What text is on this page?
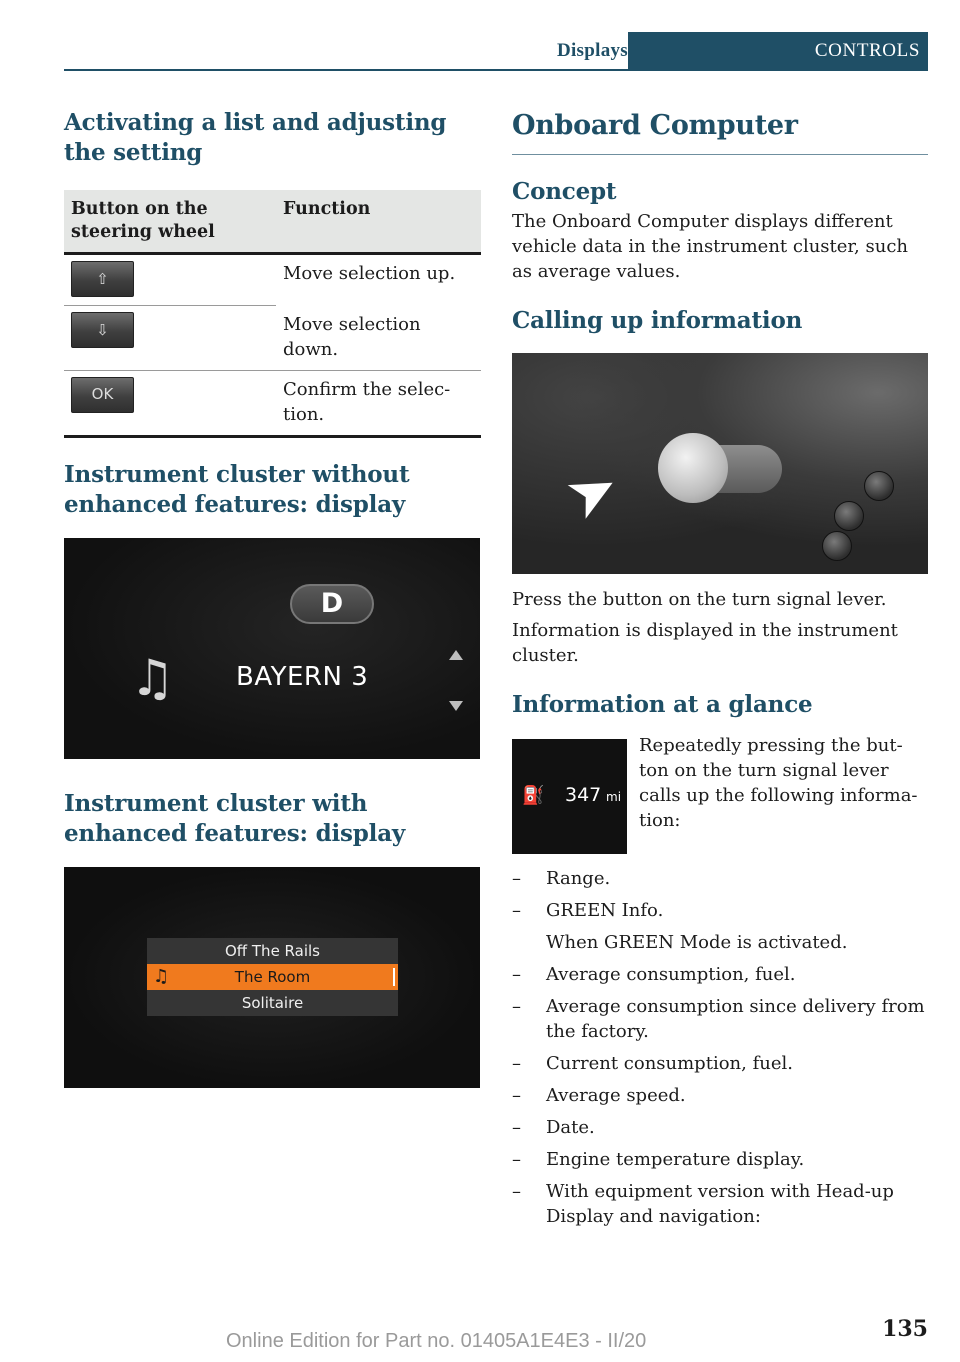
Displays	CONTROLS
Activating a list and adjusting the setting
Button on the steering wheel	Function

⇧	Move selection up.

⇩	Move selection down.

OK	Confirm the selec-tion.
Instrument cluster without enhanced features: display
D
♫ BAYERN 3
Instrument cluster with enhanced features: display
Off The Rails
♫	The Room
Solitaire
Onboard Computer
Concept

The Onboard Computer displays different vehicle data in the instrument cluster, such as average values.

Calling up information
➤

Press the button on the turn signal lever.

Information is displayed in the instrument cluster.

Information at a glance
⛽ 347 mi

Repeatedly pressing the but-ton on the turn signal lever calls up the following informa-tion:

– Range.
– GREEN Info.
When GREEN Mode is activated.
– Average consumption, fuel.
– Average consumption since delivery from the factory.
– Current consumption, fuel.
– Average speed.
– Date.
– Engine temperature display.
– With equipment version with Head-up Display and navigation:
Online Edition for Part no. 01405A1E4E3 - II/20	135
